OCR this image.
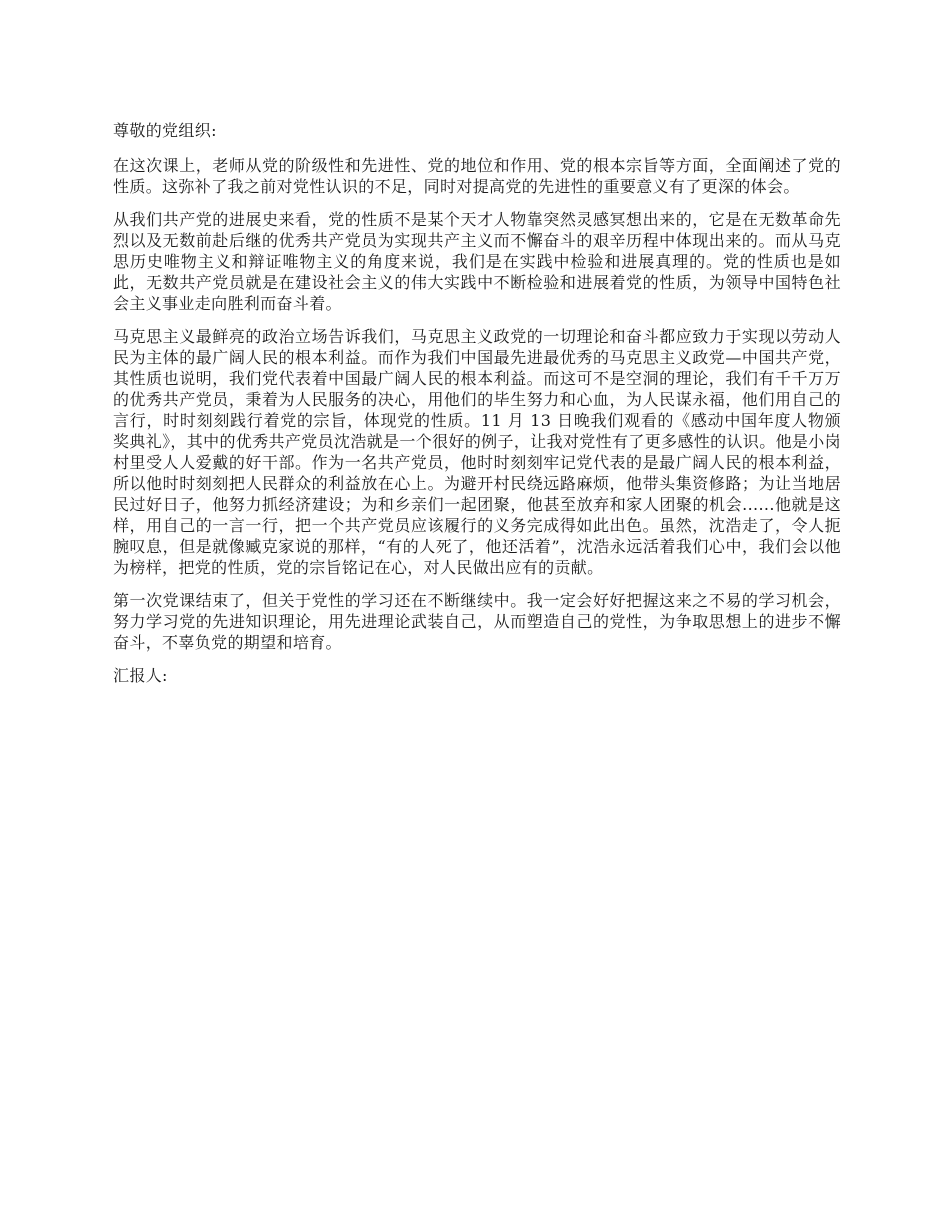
尊敬的党组织:

在这次课上，老师从党的阶级性和先进性、党的地位和作用、党的根本宗旨等方面，全面阐述了党的性质。这弥补了我之前对党性认识的不足，同时对提高党的先进性的重要意义有了更深的体会。

从我们共产党的进展史来看，党的性质不是某个天才人物靠突然灵感冥想出来的，它是在无数革命先烈以及无数前赴后继的优秀共产党员为实现共产主义而不懈奋斗的艰辛历程中体现出来的。而从马克思历史唯物主义和辩证唯物主义的角度来说，我们是在实践中检验和进展真理的。党的性质也是如此，无数共产党员就是在建设社会主义的伟大实践中不断检验和进展着党的性质，为领导中国特色社会主义事业走向胜利而奋斗着。

马克思主义最鲜亮的政治立场告诉我们，马克思主义政党的一切理论和奋斗都应致力于实现以劳动人民为主体的最广阔人民的根本利益。而作为我们中国最先进最优秀的马克思主义政党—中国共产党，其性质也说明，我们党代表着中国最广阔人民的根本利益。而这可不是空洞的理论，我们有千千万万的优秀共产党员，秉着为人民服务的决心，用他们的毕生努力和心血，为人民谋永福，他们用自己的言行，时时刻刻践行着党的宗旨，体现党的性质。11 月 13 日晚我们观看的《感动中国年度人物颁奖典礼》，其中的优秀共产党员沈浩就是一个很好的例子，让我对党性有了更多感性的认识。他是小岗村里受人人爱戴的好干部。作为一名共产党员，他时时刻刻牢记党代表的是最广阔人民的根本利益，所以他时时刻刻把人民群众的利益放在心上。为避开村民绕远路麻烦，他带头集资修路；为让当地居民过好日子，他努力抓经济建设；为和乡亲们一起团聚，他甚至放弃和家人团聚的机会......他就是这样，用自己的一言一行，把一个共产党员应该履行的义务完成得如此出色。虽然，沈浩走了，令人扼腕叹息，但是就像臧克家说的那样，“有的人死了，他还活着”，沈浩永远活着我们心中，我们会以他为榜样，把党的性质，党的宗旨铭记在心，对人民做出应有的贡献。

第一次党课结束了，但关于党性的学习还在不断继续中。我一定会好好把握这来之不易的学习机会，努力学习党的先进知识理论，用先进理论武装自己，从而塑造自己的党性，为争取思想上的进步不懈奋斗，不辜负党的期望和培育。

汇报人:
